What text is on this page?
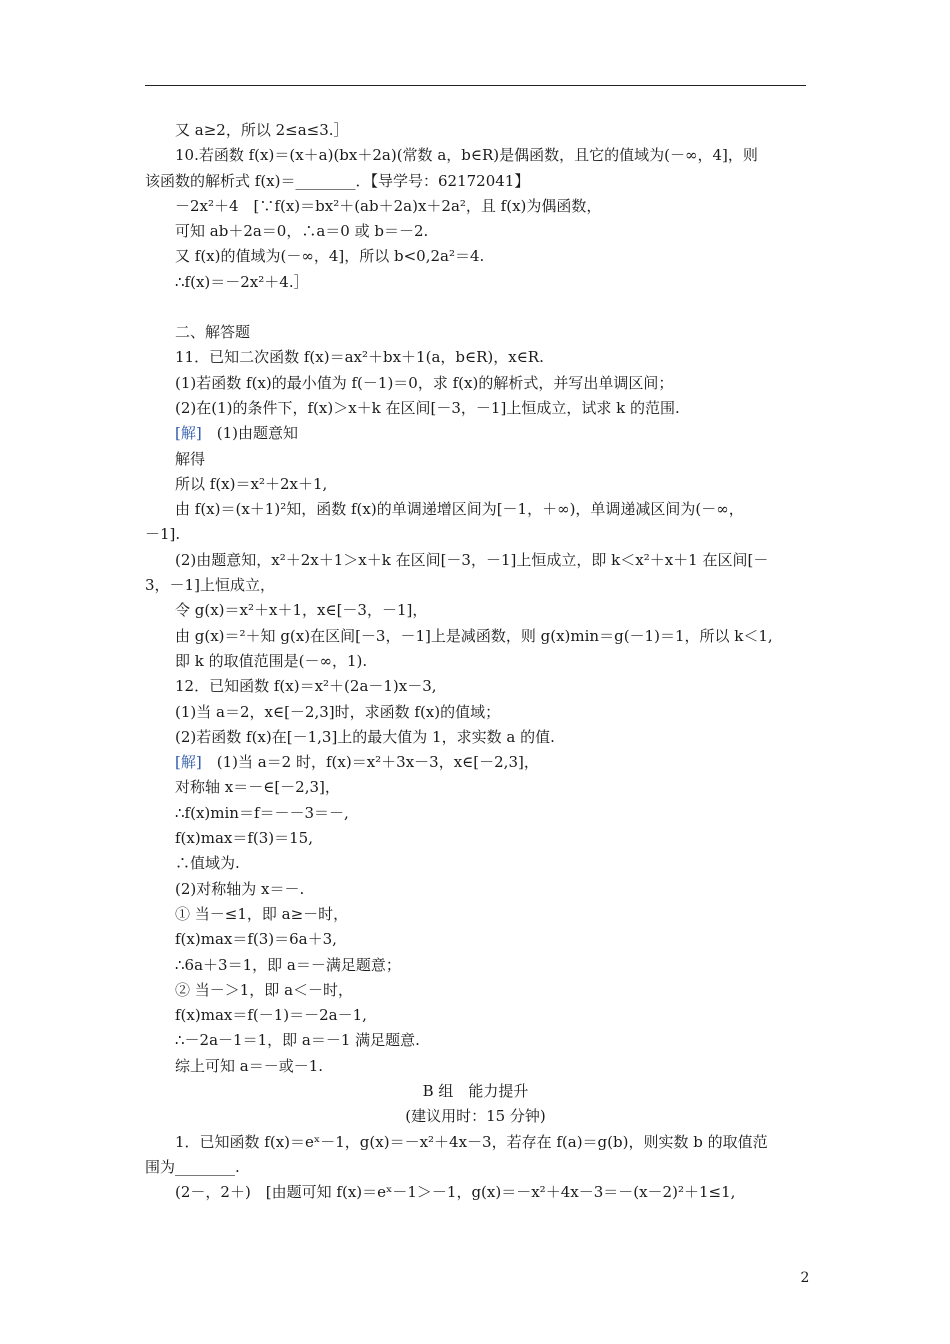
又 a≥2，所以 2≤a≤3.］
10.若函数 f(x)＝(x＋a)(bx＋2a)(常数 a，b∈R)是偶函数，且它的值域为(－∞，4]，则
该函数的解析式 f(x)＝________．【导学号：62172041】
－2x²＋4　[∵f(x)＝bx²＋(ab＋2a)x＋2a²，且 f(x)为偶函数，
可知 ab＋2a＝0，∴a＝0 或 b＝－2.
又 f(x)的值域为(－∞，4]，所以 b<0,2a²＝4.
∴f(x)＝－2x²＋4.］
二、解答题
11．已知二次函数 f(x)＝ax²＋bx＋1(a，b∈R)，x∈R.
(1)若函数 f(x)的最小值为 f(－1)＝0，求 f(x)的解析式，并写出单调区间；
(2)在(1)的条件下，f(x)＞x＋k 在区间[－3，－1]上恒成立，试求 k 的范围.
[解]　(1)由题意知
解得
所以 f(x)＝x²＋2x＋1,
由 f(x)＝(x＋1)²知，函数 f(x)的单调递增区间为[－1，＋∞)，单调递减区间为(－∞，
－1].
(2)由题意知，x²＋2x＋1＞x＋k 在区间[－3，－1]上恒成立，即 k＜x²＋x＋1 在区间[－
3，－1]上恒成立，
令 g(x)＝x²＋x＋1，x∈[－3，－1]，
由 g(x)＝²＋知 g(x)在区间[－3，－1]上是减函数，则 g(x)min＝g(－1)＝1，所以 k＜1,
即 k 的取值范围是(－∞，1).
12．已知函数 f(x)＝x²＋(2a－1)x－3,
(1)当 a＝2，x∈[－2,3]时，求函数 f(x)的值域；
(2)若函数 f(x)在[－1,3]上的最大值为 1，求实数 a 的值.
[解]　(1)当 a＝2 时，f(x)＝x²＋3x－3，x∈[－2,3]，
对称轴 x＝－∈[－2,3]，
∴f(x)min＝f＝－－3＝－,
f(x)max＝f(3)＝15,
∴值域为.
(2)对称轴为 x＝－.
① 当－≤1，即 a≥－时，
f(x)max＝f(3)＝6a＋3,
∴6a＋3＝1，即 a＝－满足题意；
② 当－＞1，即 a＜－时，
f(x)max＝f(－1)＝－2a－1,
∴－2a－1＝1，即 a＝－1 满足题意.
综上可知 a＝－或－1.
B 组　能力提升
(建议用时：15 分钟)
1．已知函数 f(x)＝eˣ－1，g(x)＝－x²＋4x－3，若存在 f(a)＝g(b)，则实数 b 的取值范
围为________.
(2－，2＋)　[由题可知 f(x)＝eˣ－1＞－1，g(x)＝－x²＋4x－3＝－(x－2)²＋1≤1,
2
